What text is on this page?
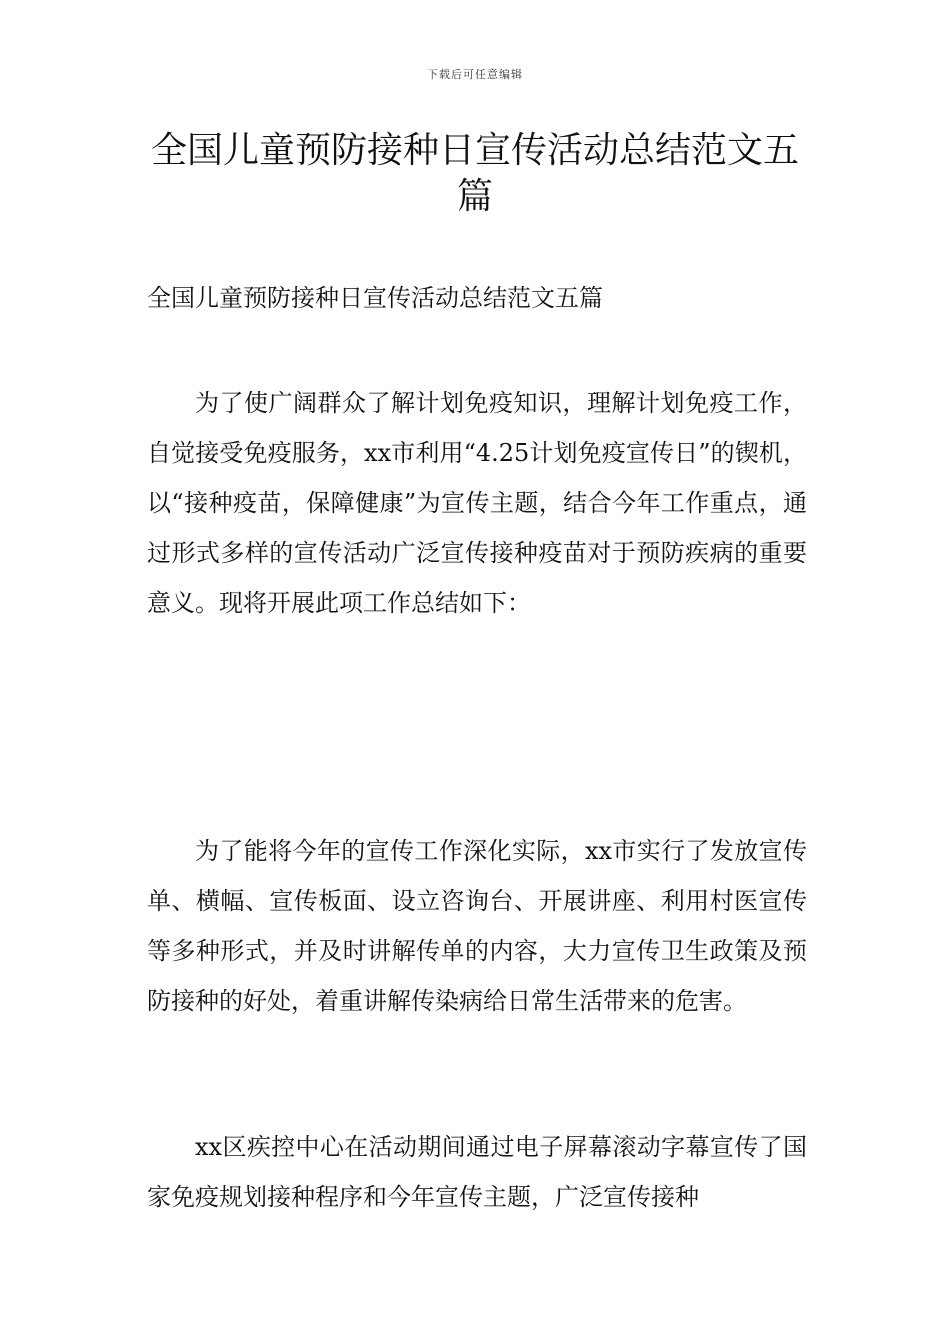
下载后可任意编辑
全国儿童预防接种日宣传活动总结范文五篇

全国儿童预防接种日宣传活动总结范文五篇

为了使广阔群众了解计划免疫知识，理解计划免疫工作，自觉接受免疫服务，xx市利用“4.25计划免疫宣传日”的锲机，以“接种疫苗，保障健康”为宣传主题，结合今年工作重点，通过形式多样的宣传活动广泛宣传接种疫苗对于预防疾病的重要意义。现将开展此项工作总结如下：

为了能将今年的宣传工作深化实际，xx市实行了发放宣传单、横幅、宣传板面、设立咨询台、开展讲座、利用村医宣传等多种形式，并及时讲解传单的内容，大力宣传卫生政策及预防接种的好处，着重讲解传染病给日常生活带来的危害。

xx区疾控中心在活动期间通过电子屏幕滚动字幕宣传了国家免疫规划接种程序和今年宣传主题，广泛宣传接种
